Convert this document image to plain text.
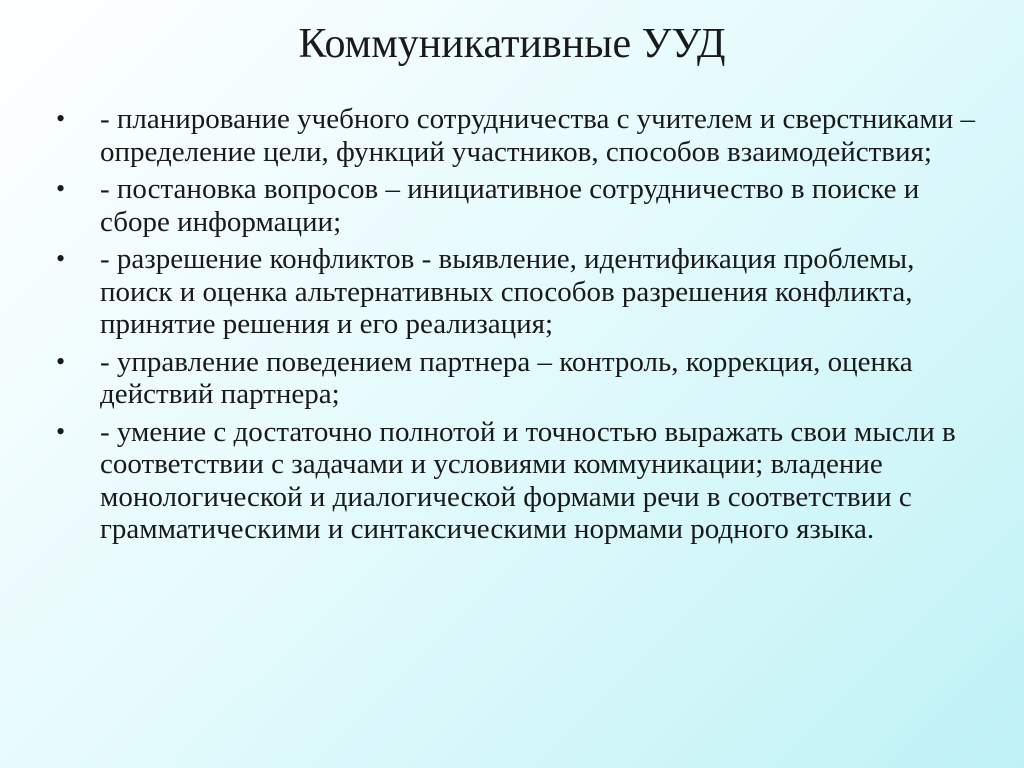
Коммуникативные УУД
•	- планирование учебного сотрудничества с учителем и сверстниками – определение цели, функций участников, способов взаимодействия;
•	- постановка вопросов – инициативное сотрудничество в поиске и сборе информации;
•	- разрешение конфликтов - выявление, идентификация проблемы, поиск и оценка альтернативных способов разрешения конфликта, принятие решения и его реализация;
•	- управление поведением партнера – контроль, коррекция, оценка действий партнера;
•	- умение с достаточно полнотой и точностью выражать свои мысли в соответствии с задачами и условиями коммуникации; владение монологической и диалогической формами речи в соответствии с грамматическими и синтаксическими нормами родного языка.
